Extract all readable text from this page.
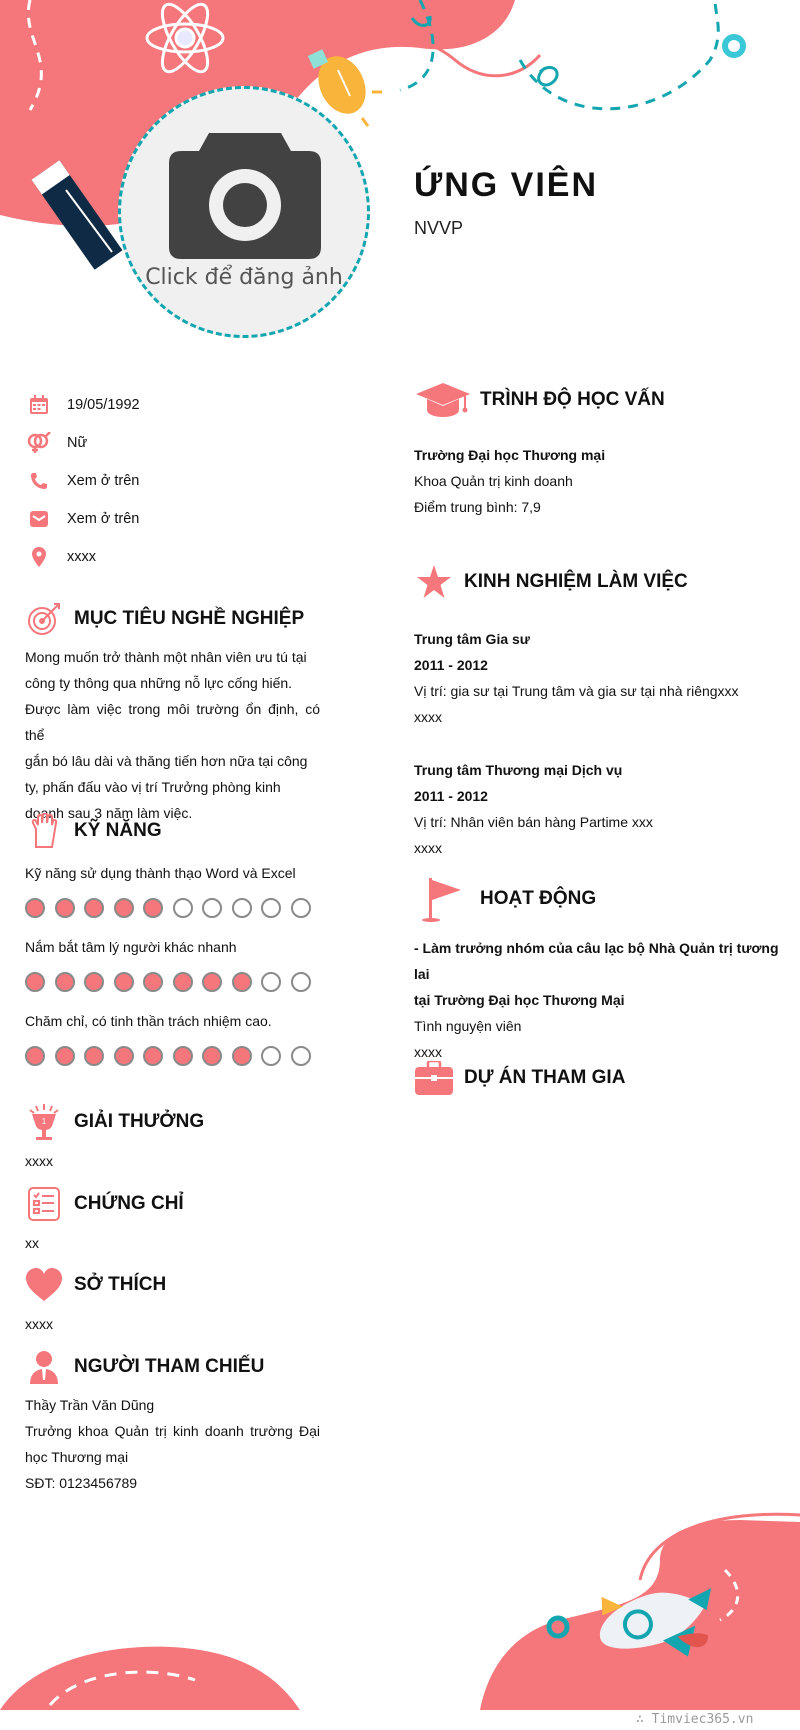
Click để đăng ảnh
ỨNG VIÊN
NVVP
19/05/1992
Nữ
Xem ở trên
Xem ở trên
xxxx
MỤC TIÊU NGHỀ NGHIỆP
Mong muốn trở thành một nhân viên ưu tú tại
công ty thông qua những nỗ lực cống hiến.
Được làm việc trong môi trường ổn định, có thể
gắn bó lâu dài và thăng tiến hơn nữa tại công
ty, phấn đấu vào vị trí Trưởng phòng kinh
doanh sau 3 năm làm việc.
KỸ NĂNG
Kỹ năng sử dụng thành thạo Word và Excel
Nắm bắt tâm lý người khác nhanh
Chăm chỉ, có tinh thần trách nhiệm cao.
1 GIẢI THƯỞNG
xxxx
CHỨNG CHỈ
xx
SỞ THÍCH
xxxx
NGƯỜI THAM CHIẾU
Thầy Trần Văn Dũng
Trưởng khoa Quản trị kinh doanh trường Đại
học Thương mại
SĐT: 0123456789
TRÌNH ĐỘ HỌC VẤN
Trường Đại học Thương mại
Khoa Quản trị kinh doanh
Điểm trung bình: 7,9
KINH NGHIỆM LÀM VIỆC
Trung tâm Gia sư
2011 - 2012
Vị trí: gia sư tại Trung tâm và gia sư tại nhà riêngxxx
xxxx
Trung tâm Thương mại Dịch vụ
2011 - 2012
Vị trí: Nhân viên bán hàng Partime xxx
xxxx
HOẠT ĐỘNG
- Làm trưởng nhóm của câu lạc bộ Nhà Quản trị tương lai
tại Trường Đại học Thương Mại
Tình nguyện viên
xxxx
DỰ ÁN THAM GIA
∴ Timviec365.vn
